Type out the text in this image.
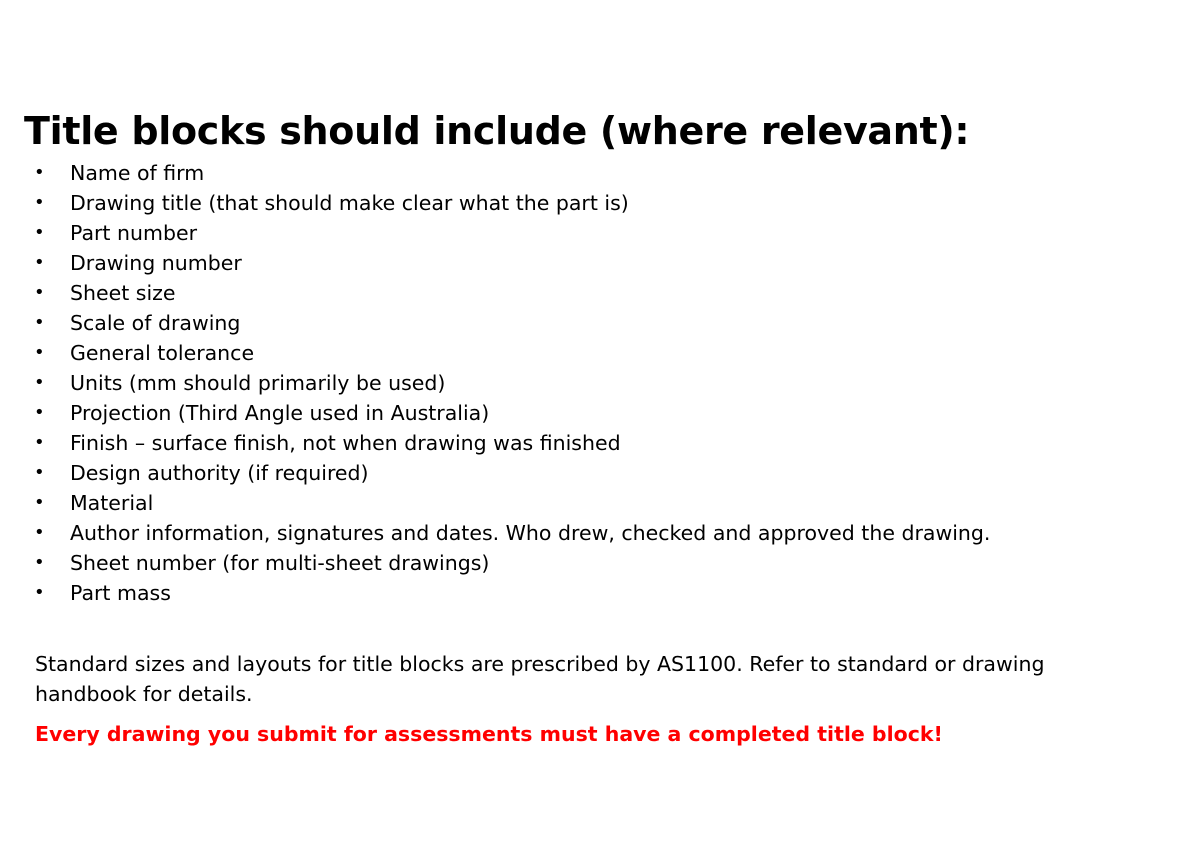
Title blocks should include (where relevant):
•	Name of firm
•	Drawing title (that should make clear what the part is)
•	Part number
•	Drawing number
•	Sheet size
•	Scale of drawing
•	General tolerance
•	Units (mm should primarily be used)
•	Projection (Third Angle used in Australia)
•	Finish – surface finish, not when drawing was finished
•	Design authority (if required)
•	Material
•	Author information, signatures and dates. Who drew, checked and approved the drawing.
•	Sheet number (for multi-sheet drawings)
•	Part mass

Standard sizes and layouts for title blocks are prescribed by AS1100. Refer to standard or drawing handbook for details.

Every drawing you submit for assessments must have a completed title block!
